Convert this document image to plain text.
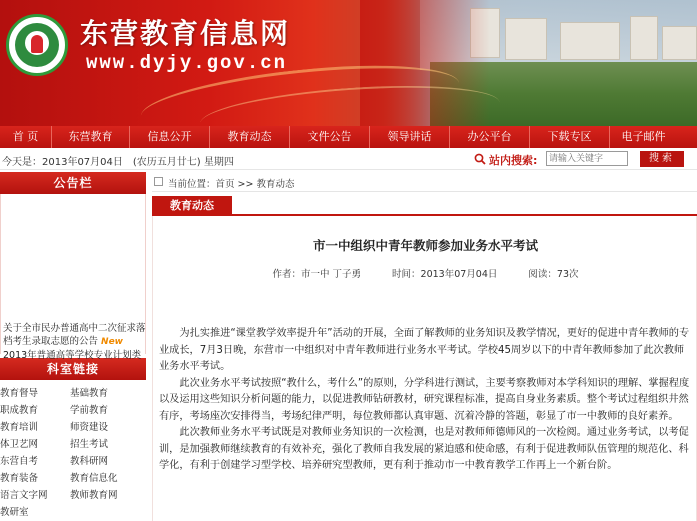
东营教育信息网
www.dyjy.gov.cn
首 页	东营教育	信息公开	教育动态	文件公告	领导讲话	办公平台	下载专区	电子邮件
今天是：2013年07月04日　(农历五月廿七) 星期四	站内搜索:
请输入关键字	搜索
公告栏
关于全市民办普通高中二次征求落
档考生录取志愿的公告 New
2013年普通高等学校专业计划类
科室链接
教育督导	基础教育
职成教育	学前教育
教育培训	师资建设
体卫艺网	招生考试
东营自考	教科研网
教育装备	教育信息化
语言文字网	教师教育网
教研室
当前位置：首页 >> 教育动态
教育动态
市一中组织中青年教师参加业务水平考试
作者：市一中 丁子勇	时间：2013年07月04日	阅读：73次

为扎实推进“课堂教学效率提升年”活动的开展，全面了解教师的业务知识及教学情况，更好的促进中青年教师的专业成长，7月3日晚，东营市一中组织对中青年教师进行业务水平考试。学校45周岁以下的中青年教师参加了此次教师业务水平考试。

此次业务水平考试按照“教什么，考什么”的原则，分学科进行测试，主要考察教师对本学科知识的理解、掌握程度以及运用这些知识分析问题的能力，以促进教师钻研教材，研究课程标准，提高自身业务素质。整个考试过程组织井然有序，考场座次安排得当，考场纪律严明，每位教师都认真审题、沉着冷静的答题，彰显了市一中教师的良好素养。

此次教师业务水平考试既是对教师业务知识的一次检测，也是对教师师德师风的一次检阅。通过业务考试，以考促训，是加强教师继续教育的有效补充，强化了教师自我发展的紧迫感和使命感，有利于促进教师队伍管理的规范化、科学化，有利于创建学习型学校、培养研究型教师，更有利于推动市一中教育教学工作再上一个新台阶。
